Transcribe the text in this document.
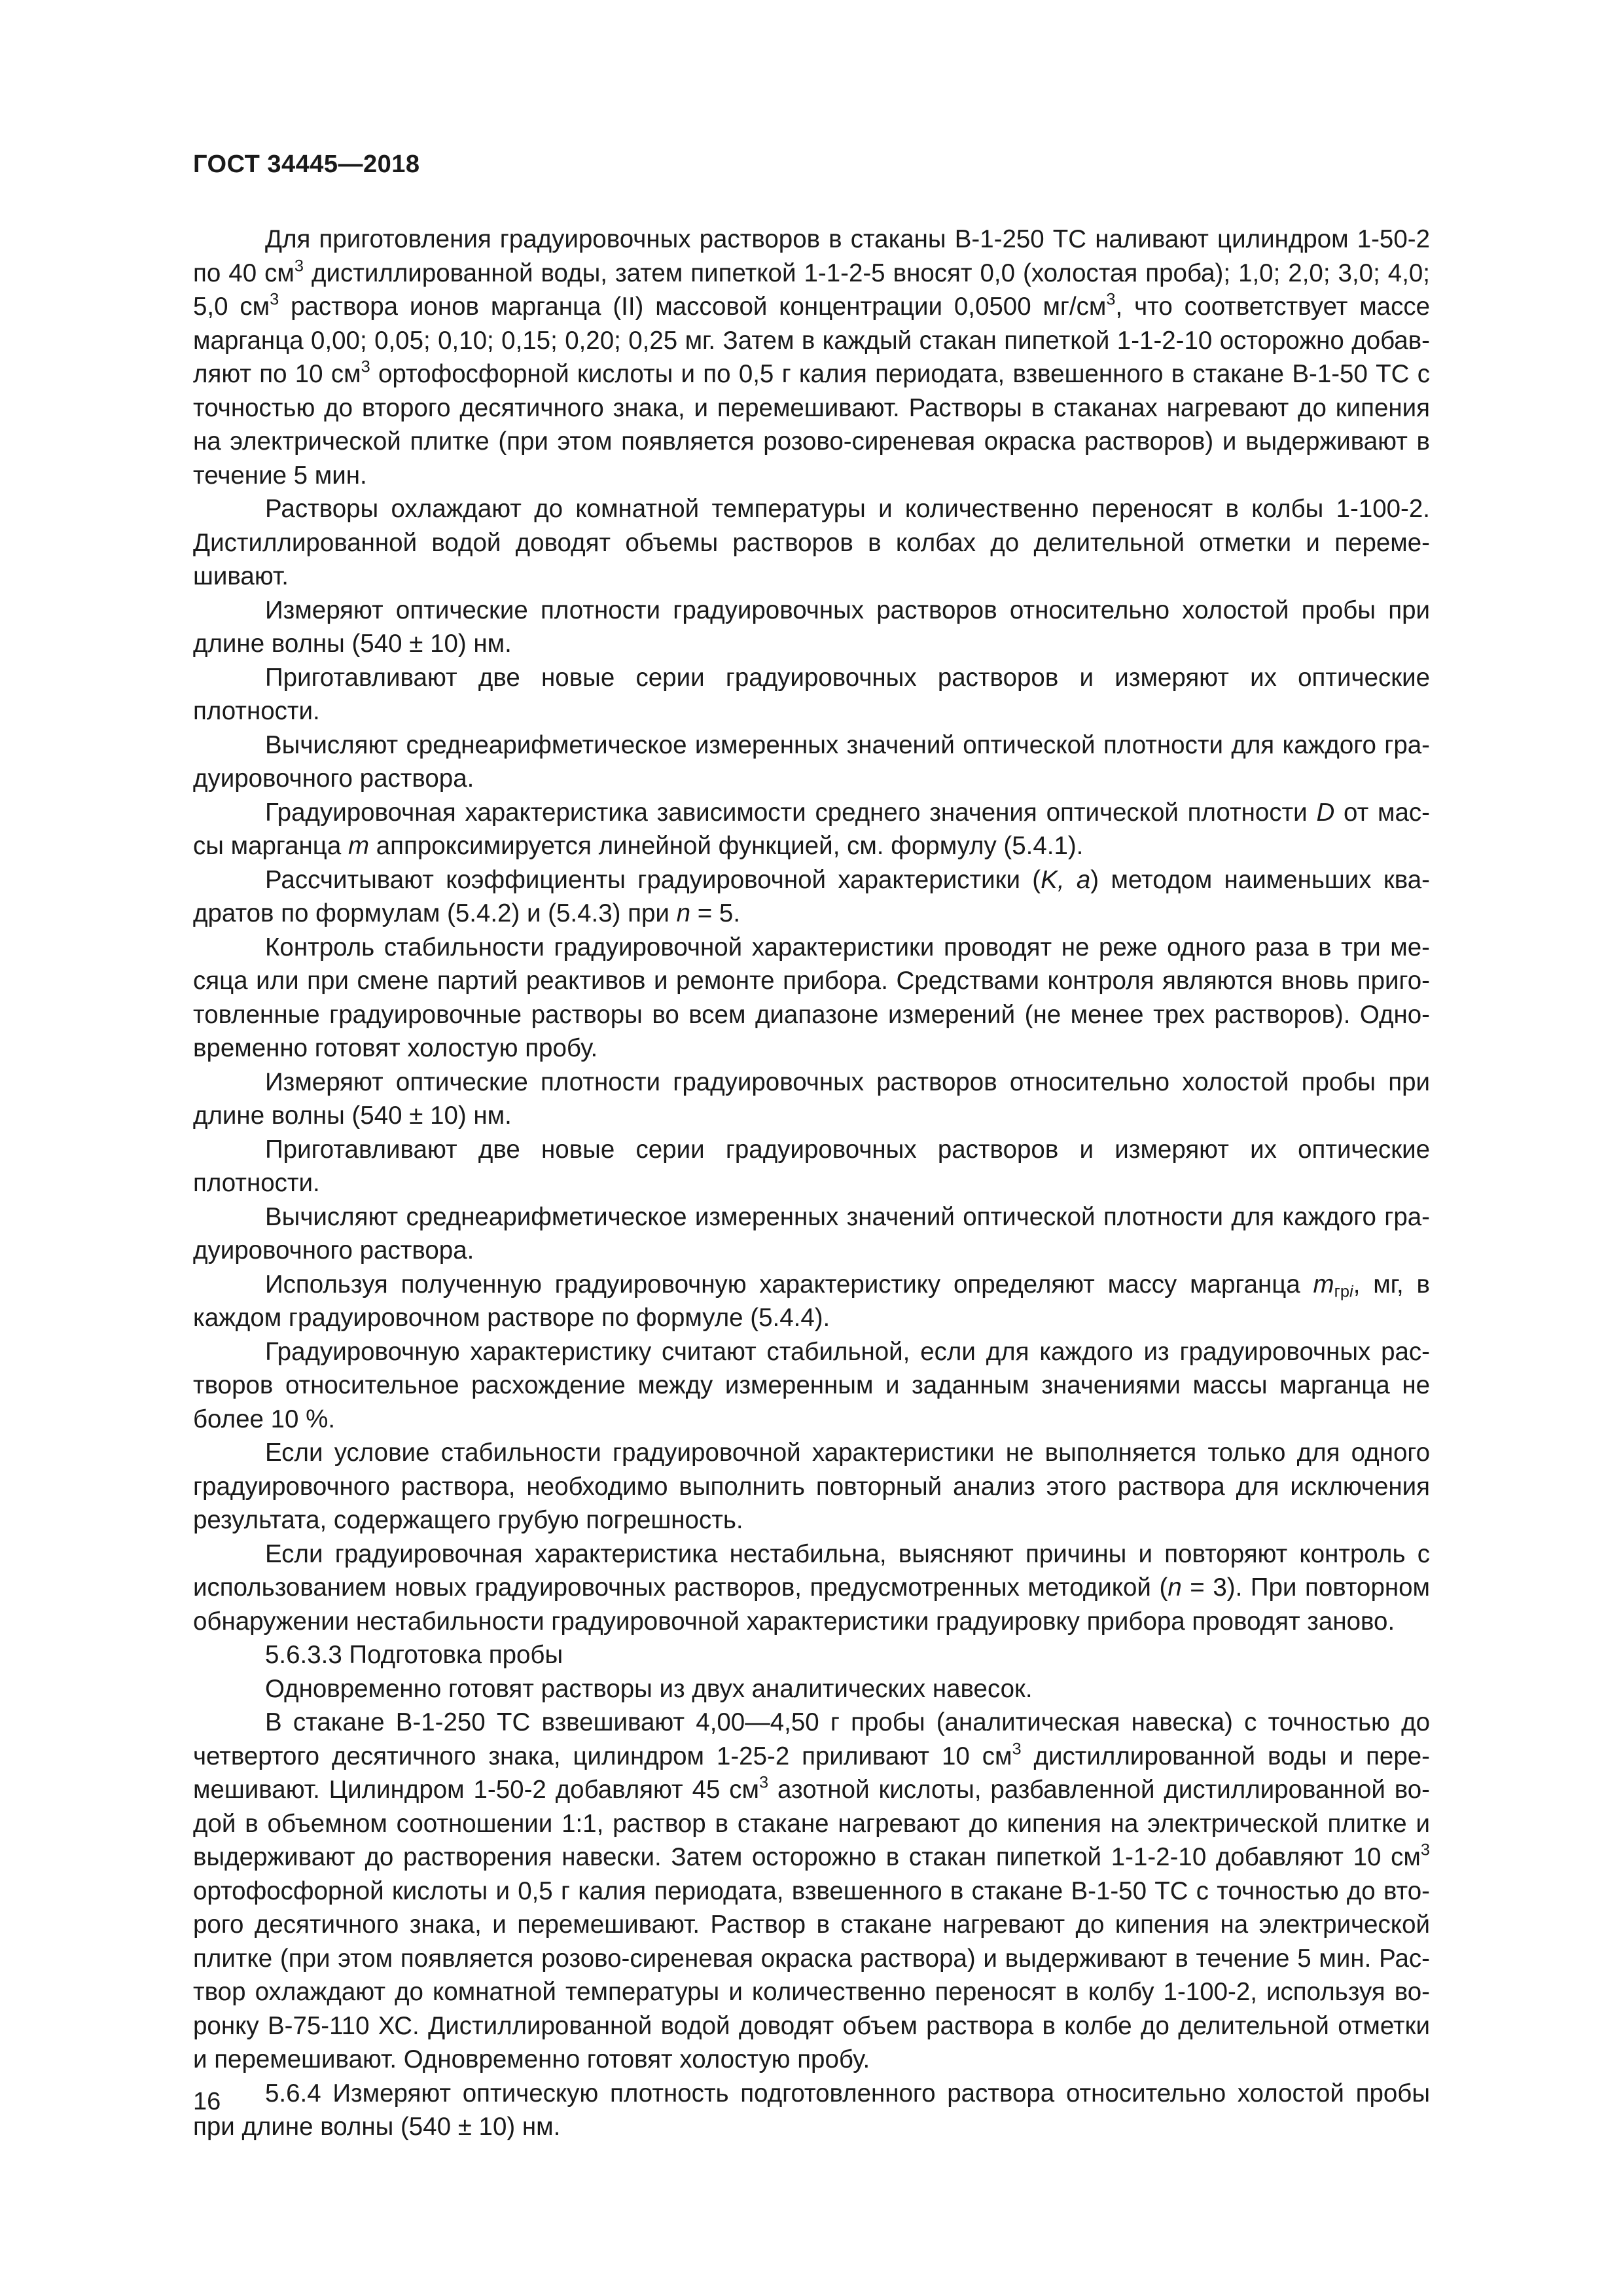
ГОСТ 34445—2018

Для приготовления градуировочных растворов в стаканы В-1-250 ТС наливают цилиндром 1-50-2 по 40 $см^3$ дистиллированной воды, затем пипеткой 1-1-2-5 вносят 0,0 (холостая проба); 1,0; 2,0; 3,0; 4,0; 5,0 $см^3$ раствора ионов марганца (II) массовой концентрации 0,0500 $мг/см^3$, что соответствует массе марганца 0,00; 0,05; 0,10; 0,15; 0,20; 0,25 мг. Затем в каждый стакан пипеткой 1-1-2-10 осторожно добавляют по 10 $см^3$ ортофосфорной кислоты и по 0,5 г калия периодата, взвешенного в стакане В-1-50 ТС с точностью до второго десятичного знака, и перемешивают. Растворы в стаканах нагревают до кипения на электрической плитке (при этом появляется розово-сиреневая окраска растворов) и выдерживают в течение 5 мин.

Растворы охлаждают до комнатной температуры и количественно переносят в колбы 1-100-2. Дистиллированной водой доводят объемы растворов в колбах до делительной отметки и перемешивают.

Измеряют оптические плотности градуировочных растворов относительно холостой пробы при длине волны (540 ± 10) нм.

Приготавливают две новые серии градуировочных растворов и измеряют их оптические плотности.

Вычисляют среднеарифметическое измеренных значений оптической плотности для каждого градуировочного раствора.

Градуировочная характеристика зависимости среднего значения оптической плотности D от массы марганца m аппроксимируется линейной функцией, см. формулу (5.4.1).

Рассчитывают коэффициенты градуировочной характеристики (K, a) методом наименьших квадратов по формулам (5.4.2) и (5.4.3) при n = 5.

Контроль стабильности градуировочной характеристики проводят не реже одного раза в три месяца или при смене партий реактивов и ремонте прибора. Средствами контроля являются вновь приготовленные градуировочные растворы во всем диапазоне измерений (не менее трех растворов). Одновременно готовят холостую пробу.

Измеряют оптические плотности градуировочных растворов относительно холостой пробы при длине волны (540 ± 10) нм.

Приготавливают две новые серии градуировочных растворов и измеряют их оптические плотности.

Вычисляют среднеарифметическое измеренных значений оптической плотности для каждого градуировочного раствора.

Используя полученную градуировочную характеристику определяют массу марганца $m_{грi}$, мг, в каждом градуировочном растворе по формуле (5.4.4).

Градуировочную характеристику считают стабильной, если для каждого из градуировочных растворов относительное расхождение между измеренным и заданным значениями массы марганца не более 10 %.

Если условие стабильности градуировочной характеристики не выполняется только для одного градуировочного раствора, необходимо выполнить повторный анализ этого раствора для исключения результата, содержащего грубую погрешность.

Если градуировочная характеристика нестабильна, выясняют причины и повторяют контроль с использованием новых градуировочных растворов, предусмотренных методикой (n = 3). При повторном обнаружении нестабильности градуировочной характеристики градуировку прибора проводят заново.

5.6.3.3 Подготовка пробы

Одновременно готовят растворы из двух аналитических навесок.

В стакане В-1-250 ТС взвешивают 4,00—4,50 г пробы (аналитическая навеска) с точностью до четвертого десятичного знака, цилиндром 1-25-2 приливают 10 $см^3$ дистиллированной воды и перемешивают. Цилиндром 1-50-2 добавляют 45 $см^3$ азотной кислоты, разбавленной дистиллированной водой в объемном соотношении 1:1, раствор в стакане нагревают до кипения на электрической плитке и выдерживают до растворения навески. Затем осторожно в стакан пипеткой 1-1-2-10 добавляют 10 $см^3$ ортофосфорной кислоты и 0,5 г калия периодата, взвешенного в стакане В-1-50 ТС с точностью до второго десятичного знака, и перемешивают. Раствор в стакане нагревают до кипения на электрической плитке (при этом появляется розово-сиреневая окраска раствора) и выдерживают в течение 5 мин. Раствор охлаждают до комнатной температуры и количественно переносят в колбу 1-100-2, используя воронку В-75-110 ХС. Дистиллированной водой доводят объем раствора в колбе до делительной отметки и перемешивают. Одновременно готовят холостую пробу.

5.6.4 Измеряют оптическую плотность подготовленного раствора относительно холостой пробы при длине волны (540 ± 10) нм.

16
